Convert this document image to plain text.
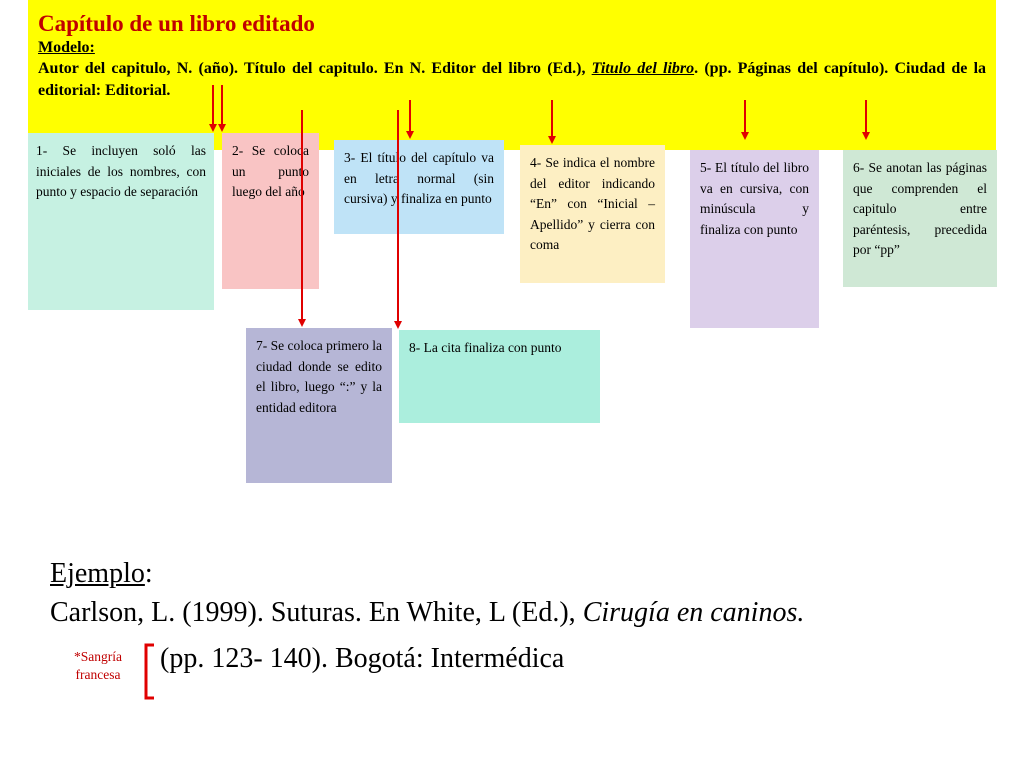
Capítulo de un libro editado
Modelo:
Autor del capitulo, N. (año). Título del capitulo. En N. Editor del libro (Ed.), Titulo del libro. (pp. Páginas del capítulo). Ciudad de la editorial: Editorial.
1- Se incluyen soló las iniciales de los nombres, con punto y espacio de separación
2- Se coloca un punto luego del año
3- El título del capítulo va en letra normal (sin cursiva) y finaliza en punto
4- Se indica el nombre del editor indicando “En” con “Inicial – Apellido” y cierra con coma
5- El título del libro va en cursiva, con minúscula y finaliza con punto
6- Se anotan las páginas que comprenden el capitulo entre paréntesis, precedida por “pp”
7- Se coloca primero la ciudad donde se edito el libro, luego “:” y la entidad editora
8- La cita finaliza con punto
Ejemplo:
Carlson, L. (1999). Suturas. En White, L (Ed.), Cirugía en caninos.
(pp. 123- 140). Bogotá: Intermédica
*Sangría francesa
